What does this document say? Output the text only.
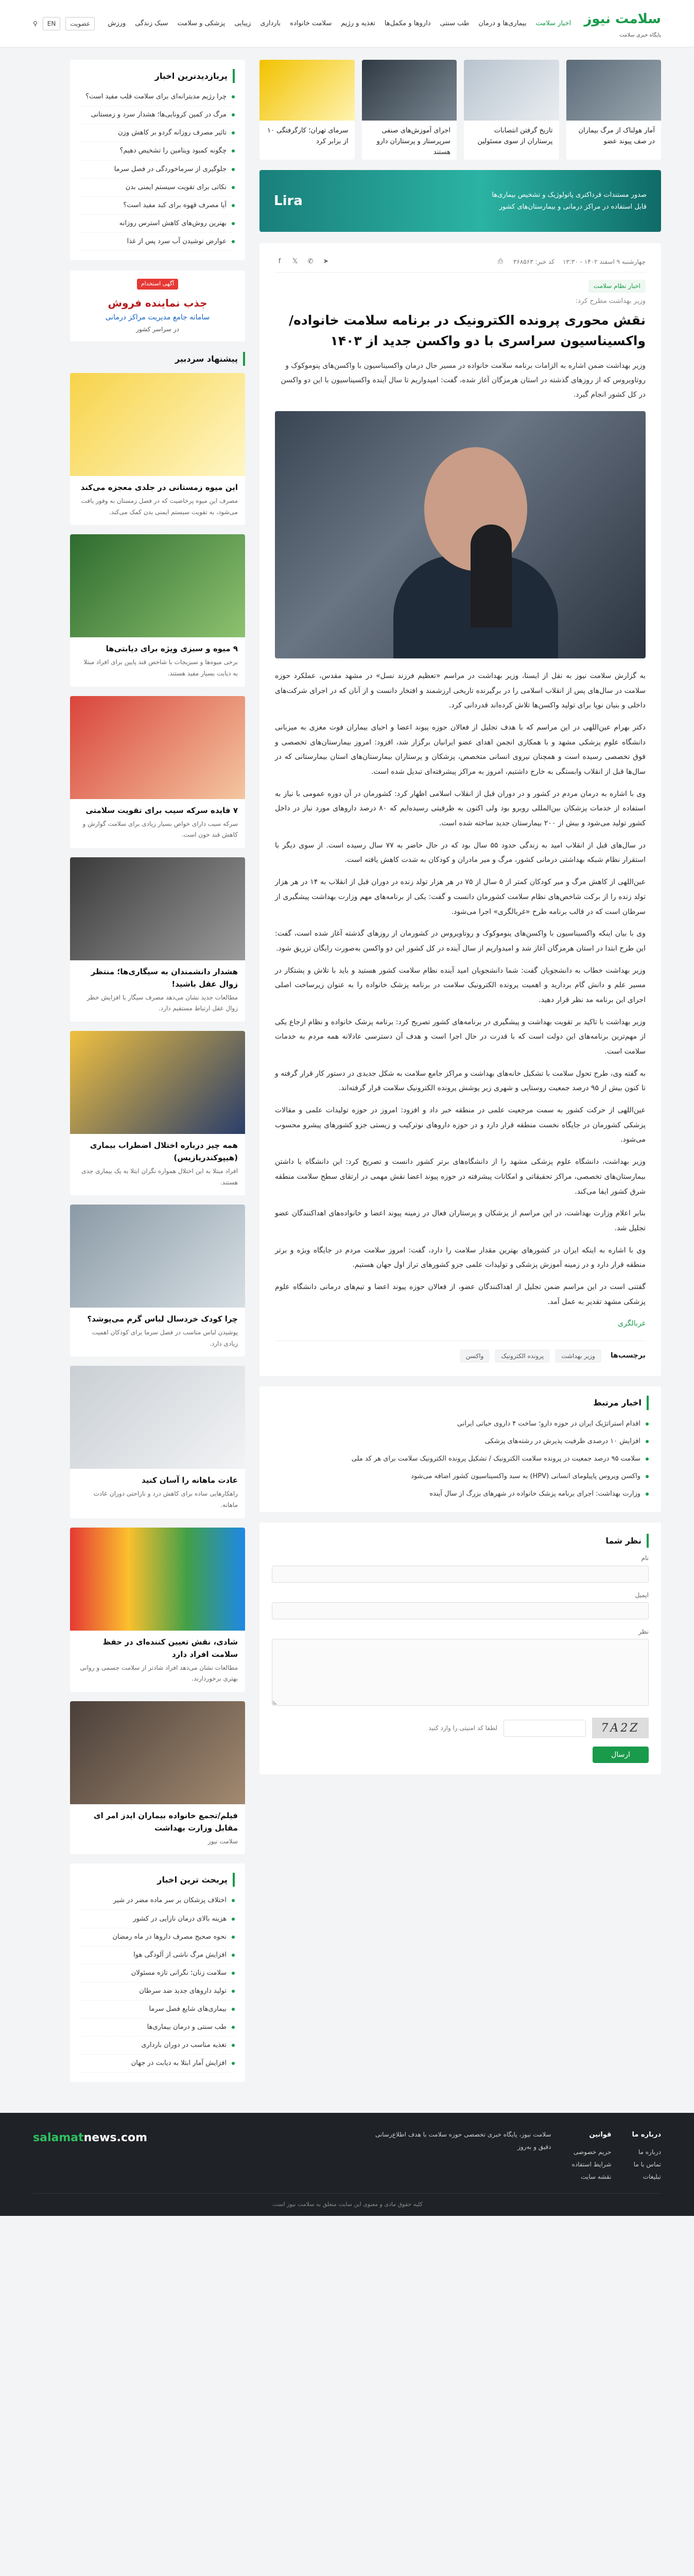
سلامت نیوز
پایگاه خبری سلامت
اخبار سلامت
بیماری‌ها و درمان
طب سنتی
داروها و مکمل‌ها
تغذیه و رژیم
سلامت خانواده
بارداری
زیبایی
پزشکی و سلامت
سبک زندگی
ورزش
عضویت
EN
⚲
آمار هولناک از مرگ بیماران در صف پیوند عضو
تاریخ گرفتن انتصابات پرستاران از سوی مسئولین
اجرای آموزش‌های صنفی سرپرستار و پرستاران دارو هستند
سرمای تهران؛ کارگرفتگی ۱۰ از برابر کرد
صدور مستندات قرداکتری پاتولوژیک و تشخیص بیماری‌ها
قابل استفاده در مراکز درمانی و بیمارستان‌های کشور
Lira
چهارشنبه ۹ اسفند ۱۴۰۲ - ۱۳:۳۰
کد خبر: ۳۶۸۵۶۳
⎙
➤
✆
𝕏
f
اخبار نظام سلامت
وزیر بهداشت مطرح کرد:
نقش محوری پرونده الکترونیک در برنامه سلامت خانواده/ واکسیناسیون سراسری با دو واکسن جدید از ۱۴۰۳

وزیر بهداشت ضمن اشاره به الزامات برنامه سلامت خانواده در مسیر حال درمان واکسیناسیون با واکسن‌های پنوموکوک و روتاویروس که از روزهای گذشته در استان هرمزگان آغاز شده، گفت: امیدواریم تا سال آینده واکسیناسیون با این دو واکسن در کل کشور انجام گیرد.

به گزارش سلامت نیوز به نقل از ایسنا، وزیر بهداشت در مراسم «تعظیم فرزند نسل» در مشهد مقدس، عملکرد حوزه سلامت در سال‌های پس از انقلاب اسلامی را در برگیرنده تاریخی ارزشمند و افتخار دانست و از آنان که در اجرای شرکت‌های داخلی و بنیان نوپا برای تولید واکسن‌ها تلاش کرده‌اند قدردانی کرد.

دکتر بهرام عین‌اللهی در این مراسم که با هدف تجلیل از فعالان حوزه پیوند اعضا و احیای بیماران فوت مغزی به میزبانی دانشگاه علوم پزشکی مشهد و با همکاری انجمن اهدای عضو ایرانیان برگزار شد، افزود: امروز بیمارستان‌های تخصصی و فوق تخصصی رسیده است و همچنان نیروی انسانی متخصص، پزشکان و پرستاران بیمارستان‌های استان بیمارستانی که در سال‌ها قبل از انقلاب وابستگی به خارج داشتیم، امروز به مراکز پیشرفته‌ای تبدیل شده است.

وی با اشاره به درمان مردم در کشور و در دوران قبل از انقلاب اسلامی اظهار کرد: کشورمان در آن دوره عمومی با نیاز به استفاده از خدمات پزشکان بین‌المللی روبرو بود ولی اکنون به ظرفیتی رسیده‌ایم که ۸۰ درصد داروهای مورد نیاز در داخل کشور تولید می‌شود و بیش از ۲۰۰ بیمارستان جدید ساخته شده است.

در سال‌های قبل از انقلاب امید به زندگی حدود ۵۵ سال بود که در حال حاضر به ۷۷ سال رسیده است. از سوی دیگر با استقرار نظام شبکه بهداشتی درمانی کشور، مرگ و میر مادران و کودکان به شدت کاهش یافته است.

عین‌اللهی از کاهش مرگ و میر کودکان کمتر از ۵ سال از ۷۵ در هر هزار تولد زنده در دوران قبل از انقلاب به ۱۴ در هر هزار تولد زنده را از برکت شاخص‌های نظام سلامت کشورمان دانست و گفت: یکی از برنامه‌های مهم وزارت بهداشت پیشگیری از سرطان است که در قالب برنامه طرح «غربالگری» اجرا می‌شود.

وی با بیان اینکه واکسیناسیون با واکسن‌های پنوموکوک و روتاویروس در کشورمان از روزهای گذشته آغاز شده است، گفت: این طرح ابتدا در استان هرمزگان آغاز شد و امیدواریم از سال آینده در کل کشور این دو واکسن به‌صورت رایگان تزریق شود.

وزیر بهداشت خطاب به دانشجویان گفت: شما دانشجویان امید آینده نظام سلامت کشور هستید و باید با تلاش و پشتکار در مسیر علم و دانش گام بردارید و اهمیت پرونده الکترونیک سلامت در برنامه پزشک خانواده را به عنوان زیرساخت اصلی اجرای این برنامه مد نظر قرار دهید.

وزیر بهداشت با تاکید بر تقویت بهداشت و پیشگیری در برنامه‌های کشور تصریح کرد: برنامه پزشک خانواده و نظام ارجاع یکی از مهم‌ترین برنامه‌های این دولت است که با قدرت در حال اجرا است و هدف آن دسترسی عادلانه همه مردم به خدمات سلامت است.

به گفته وی، طرح تحول سلامت با تشکیل خانه‌های بهداشت و مراکز جامع سلامت به شکل جدیدی در دستور کار قرار گرفته و تا کنون بیش از ۹۵ درصد جمعیت روستایی و شهری زیر پوشش پرونده الکترونیک سلامت قرار گرفته‌اند.

عین‌اللهی از حرکت کشور به سمت مرجعیت علمی در منطقه خبر داد و افزود: امروز در حوزه تولیدات علمی و مقالات پزشکی کشورمان در جایگاه نخست منطقه قرار دارد و در حوزه داروهای نوترکیب و زیستی جزو کشورهای پیشرو محسوب می‌شود.

وزیر بهداشت، دانشگاه علوم پزشکی مشهد را از دانشگاه‌های برتر کشور دانست و تصریح کرد: این دانشگاه با داشتن بیمارستان‌های تخصصی، مراکز تحقیقاتی و امکانات پیشرفته در حوزه پیوند اعضا نقش مهمی در ارتقای سطح سلامت منطقه شرق کشور ایفا می‌کند.

بنابر اعلام وزارت بهداشت، در این مراسم از پزشکان و پرستاران فعال در زمینه پیوند اعضا و خانواده‌های اهداکنندگان عضو تجلیل شد.

وی با اشاره به اینکه ایران در کشورهای بهترین مقدار سلامت را دارد، گفت: امروز سلامت مردم در جایگاه ویژه و برتر منطقه قرار دارد و در زمینه آموزش پزشکی و تولیدات علمی جزو کشورهای تراز اول جهان هستیم.

گفتنی است در این مراسم ضمن تجلیل از اهداکنندگان عضو، از فعالان حوزه پیوند اعضا و تیم‌های درمانی دانشگاه علوم پزشکی مشهد تقدیر به عمل آمد.

غربالگری

برچسب‌ها
وزیر بهداشت
پرونده الکترونیک
واکسن
اخبار مرتبط
اقدام استراتژیک ایران در حوزه دارو؛ ساخت ۴ داروی حیاتی ایرانی
افزایش ۱۰ درصدی ظرفیت پذیرش در رشته‌های پزشکی
سلامت ۹۵ درصد جمعیت در پرونده سلامت الکترونیک / تشکیل پرونده الکترونیک سلامت برای هر کد ملی
واکسن ویروس پاپیلومای انسانی (HPV) به سبد واکسیناسیون کشور اضافه می‌شود
وزارت بهداشت: اجرای برنامه پزشک خانواده در شهرهای بزرگ از سال آینده
نظر شما
نام
ایمیل
نظر
7A2Z
لطفا کد امنیتی را وارد کنید
ارسال
پربازدیدترین اخبار
چرا رژیم مدیترانه‌ای برای سلامت قلب مفید است؟
مرگ در کمین کرونایی‌ها؛ هشدار سرد و زمستانی
تاثیر مصرف روزانه گردو بر کاهش وزن
چگونه کمبود ویتامین را تشخیص دهیم؟
جلوگیری از سرماخوردگی در فصل سرما
نکاتی برای تقویت سیستم ایمنی بدن
آیا مصرف قهوه برای کبد مفید است؟
بهترین روش‌های کاهش استرس روزانه
عوارض نوشیدن آب سرد پس از غذا
آگهی استخدام
جذب نماینده فروش
سامانه جامع مدیریت مراکز درمانی
در سراسر کشور
پیشنهاد سردبیر
این میوه زمستانی در جلدی معجزه می‌کند
مصرف این میوه پرخاصیت که در فصل زمستان به وفور یافت می‌شود، به تقویت سیستم ایمنی بدن کمک می‌کند.
۹ میوه و سبزی ویژه برای دیابتی‌ها
برخی میوه‌ها و سبزیجات با شاخص قند پایین برای افراد مبتلا به دیابت بسیار مفید هستند.
۷ فایده سرکه سیب برای تقویت سلامتی
سرکه سیب دارای خواص بسیار زیادی برای سلامت گوارش و کاهش قند خون است.
هشدار دانشمندان به سیگاری‌ها؛ منتظر زوال عقل باشید!
مطالعات جدید نشان می‌دهد مصرف سیگار با افزایش خطر زوال عقل ارتباط مستقیم دارد.
همه چیز درباره اختلال اضطراب بیماری (هیپوکندریازیس)
افراد مبتلا به این اختلال همواره نگران ابتلا به یک بیماری جدی هستند.
چرا کودک خردسال لباس گرم می‌پوشد؟
پوشیدن لباس مناسب در فصل سرما برای کودکان اهمیت زیادی دارد.
عادت ماهانه را آسان کنید
راهکارهایی ساده برای کاهش درد و ناراحتی دوران عادت ماهانه.
شادی، نقش تعیین کننده‌ای در حفظ سلامت افراد دارد
مطالعات نشان می‌دهد افراد شادتر از سلامت جسمی و روانی بهتری برخوردارند.
فیلم/تجمع خانواده بیماران ایدز امر ای مقابل وزارت بهداشت
سلامت نیوز
پربحث ترین اخبار
اختلاف پزشکان بر سر ماده مضر در شیر
هزینه بالای درمان نازایی در کشور
نحوه صحیح مصرف داروها در ماه رمضان
افزایش مرگ ناشی از آلودگی هوا
سلامت زنان؛ نگرانی تازه مسئولان
تولید داروهای جدید ضد سرطان
بیماری‌های شایع فصل سرما
طب سنتی و درمان بیماری‌ها
تغذیه مناسب در دوران بارداری
افزایش آمار ابتلا به دیابت در جهان
درباره ما
درباره ما
تماس با ما
تبلیغات
قوانین
حریم خصوصی
شرایط استفاده
نقشه سایت
سلامت نیوز، پایگاه خبری تخصصی حوزه سلامت با هدف اطلاع‌رسانی دقیق و به‌روز
salamatnews.com
کلیه حقوق مادی و معنوی این سایت متعلق به سلامت نیوز است.
